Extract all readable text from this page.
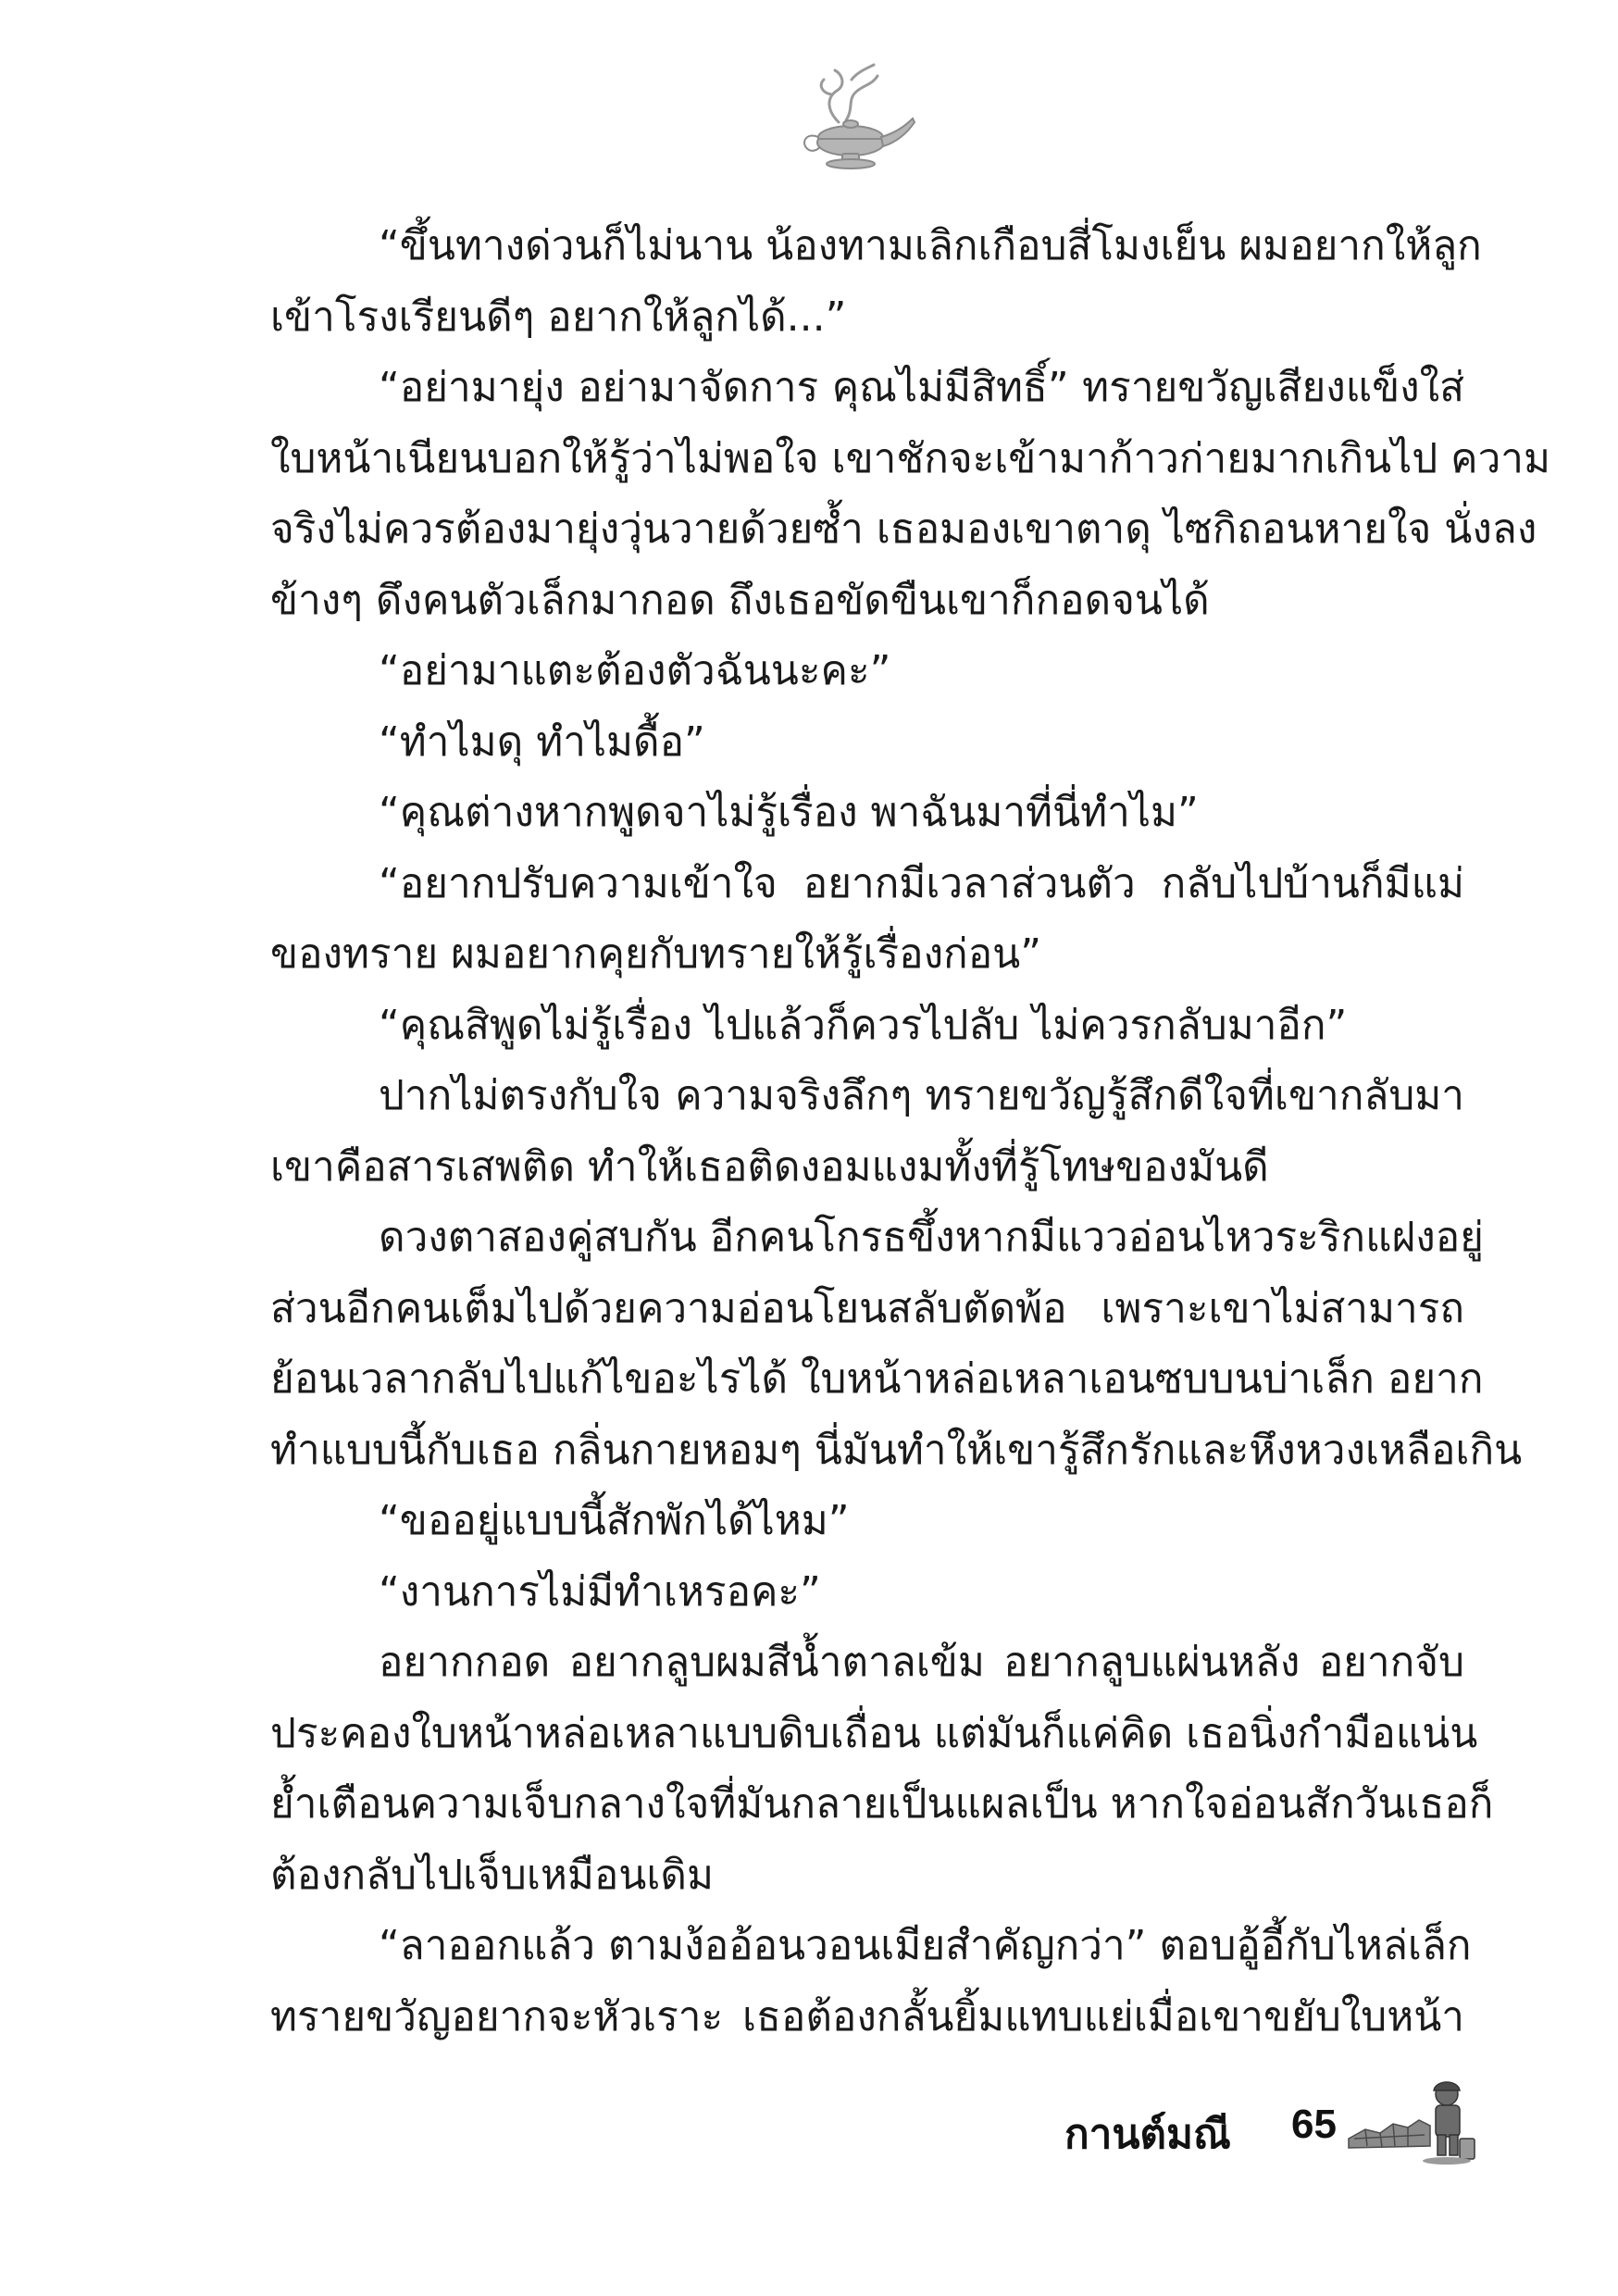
“ขึ้นทางด่วนก็ไม่นาน น้องทามเลิกเกือบสี่โมงเย็น ผมอยากให้ลูก
เข้าโรงเรียนดีๆ อยากให้ลูกได้...”
“อย่ามายุ่ง อย่ามาจัดการ คุณไม่มีสิทธิ์” ทรายขวัญเสียงแข็งใส่
ใบหน้าเนียนบอกให้รู้ว่าไม่พอใจ เขาชักจะเข้ามาก้าวก่ายมากเกินไป ความ
จริงไม่ควรต้องมายุ่งวุ่นวายด้วยซ้ำ เธอมองเขาตาดุ ไซกิถอนหายใจ นั่งลง
ข้างๆ ดึงคนตัวเล็กมากอด ถึงเธอขัดขืนเขาก็กอดจนได้
“อย่ามาแตะต้องตัวฉันนะคะ”
“ทำไมดุ ทำไมดื้อ”
“คุณต่างหากพูดจาไม่รู้เรื่อง พาฉันมาที่นี่ทำไม”
“อยากปรับความเข้าใจ อยากมีเวลาส่วนตัว กลับไปบ้านก็มีแม่
ของทราย ผมอยากคุยกับทรายให้รู้เรื่องก่อน”
“คุณสิพูดไม่รู้เรื่อง ไปแล้วก็ควรไปลับ ไม่ควรกลับมาอีก”
ปากไม่ตรงกับใจ ความจริงลึกๆ ทรายขวัญรู้สึกดีใจที่เขากลับมา
เขาคือสารเสพติด ทำให้เธอติดงอมแงมทั้งที่รู้โทษของมันดี
ดวงตาสองคู่สบกัน อีกคนโกรธขึ้งหากมีแววอ่อนไหวระริกแฝงอยู่
ส่วนอีกคนเต็มไปด้วยความอ่อนโยนสลับตัดพ้อ เพราะเขาไม่สามารถ
ย้อนเวลากลับไปแก้ไขอะไรได้ ใบหน้าหล่อเหลาเอนซบบนบ่าเล็ก อยาก
ทำแบบนี้กับเธอ กลิ่นกายหอมๆ นี่มันทำให้เขารู้สึกรักและหึงหวงเหลือเกิน
“ขออยู่แบบนี้สักพักได้ไหม”
“งานการไม่มีทำเหรอคะ”
อยากกอด อยากลูบผมสีน้ำตาลเข้ม อยากลูบแผ่นหลัง อยากจับ
ประคองใบหน้าหล่อเหลาแบบดิบเถื่อน แต่มันก็แค่คิด เธอนิ่งกำมือแน่น
ย้ำเตือนความเจ็บกลางใจที่มันกลายเป็นแผลเป็น หากใจอ่อนสักวันเธอก็
ต้องกลับไปเจ็บเหมือนเดิม
“ลาออกแล้ว ตามง้ออ้อนวอนเมียสำคัญกว่า” ตอบอู้อี้กับไหล่เล็ก
ทรายขวัญอยากจะหัวเราะ เธอต้องกลั้นยิ้มแทบแย่เมื่อเขาขยับใบหน้า
กานต์มณี 65
